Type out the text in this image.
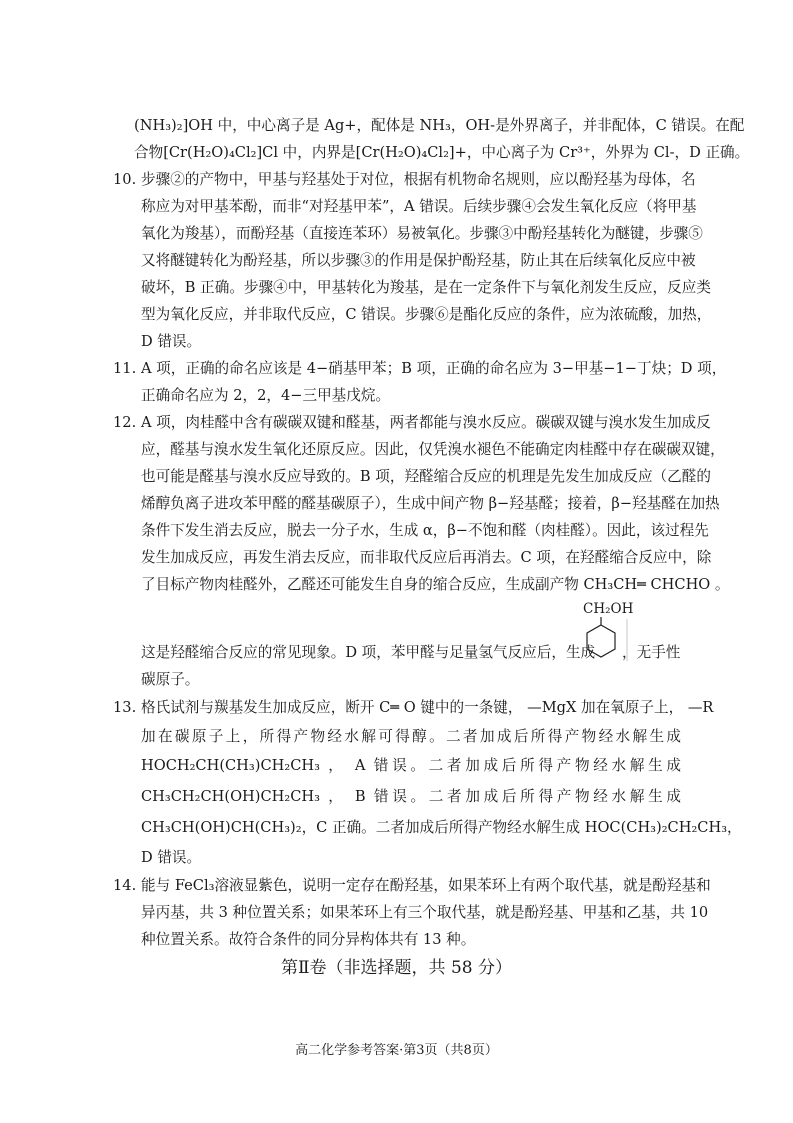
(NH₃)₂]OH 中，中心离子是 Ag+，配体是 NH₃，OH-是外界离子，并非配体，C 错误。在配
合物[Cr(H₂O)₄Cl₂]Cl 中，内界是[Cr(H₂O)₄Cl₂]+，中心离子为 Cr³⁺，外界为 Cl-，D 正确。
10. 步骤②的产物中，甲基与羟基处于对位，根据有机物命名规则，应以酚羟基为母体，名
称应为对甲基苯酚，而非“对羟基甲苯”，A 错误。后续步骤④会发生氧化反应（将甲基
氧化为羧基），而酚羟基（直接连苯环）易被氧化。步骤③中酚羟基转化为醚键，步骤⑤
又将醚键转化为酚羟基，所以步骤③的作用是保护酚羟基，防止其在后续氧化反应中被
破坏，B 正确。步骤④中，甲基转化为羧基，是在一定条件下与氧化剂发生反应，反应类
型为氧化反应，并非取代反应，C 错误。步骤⑥是酯化反应的条件，应为浓硫酸，加热，
D 错误。
11. A 项，正确的命名应该是 4−硝基甲苯；B 项，正确的命名应为 3−甲基−1−丁炔；D 项，
正确命名应为 2，2，4−三甲基戊烷。
12. A 项，肉桂醛中含有碳碳双键和醛基，两者都能与溴水反应。碳碳双键与溴水发生加成反
应，醛基与溴水发生氧化还原反应。因此，仅凭溴水褪色不能确定肉桂醛中存在碳碳双键，
也可能是醛基与溴水反应导致的。B 项，羟醛缩合反应的机理是先发生加成反应（乙醛的
烯醇负离子进攻苯甲醛的醛基碳原子），生成中间产物 β−羟基醛；接着，β−羟基醛在加热
条件下发生消去反应，脱去一分子水，生成 α，β−不饱和醛（肉桂醛）。因此，该过程先
发生加成反应，再发生消去反应，而非取代反应后再消去。C 项，在羟醛缩合反应中，除
了目标产物肉桂醛外，乙醛还可能发生自身的缩合反应，生成副产物 CH₃CH═ CHCHO 。
CH₂OH
这是羟醛缩合反应的常见现象。D 项，苯甲醛与足量氢气反应后，生成 ，无手性
碳原子。
13. 格氏试剂与羰基发生加成反应，断开 C═ O 键中的一条键， —MgX 加在氧原子上， —R
加在碳原子上，所得产物经水解可得醇。二者加成后所得产物经水解生成
HOCH₂CH(CH₃)CH₂CH₃ ， A 错误。二者加成后所得产物经水解生成
CH₃CH₂CH(OH)CH₂CH₃ ， B 错误。二者加成后所得产物经水解生成
CH₃CH(OH)CH(CH₃)₂，C 正确。二者加成后所得产物经水解生成 HOC(CH₃)₂CH₂CH₃，
D 错误。
14. 能与 FeCl₃溶液显紫色，说明一定存在酚羟基，如果苯环上有两个取代基，就是酚羟基和
异丙基，共 3 种位置关系；如果苯环上有三个取代基，就是酚羟基、甲基和乙基，共 10
种位置关系。故符合条件的同分异构体共有 13 种。
第Ⅱ卷（非选择题，共 58 分）
高二化学参考答案·第3页（共8页）
